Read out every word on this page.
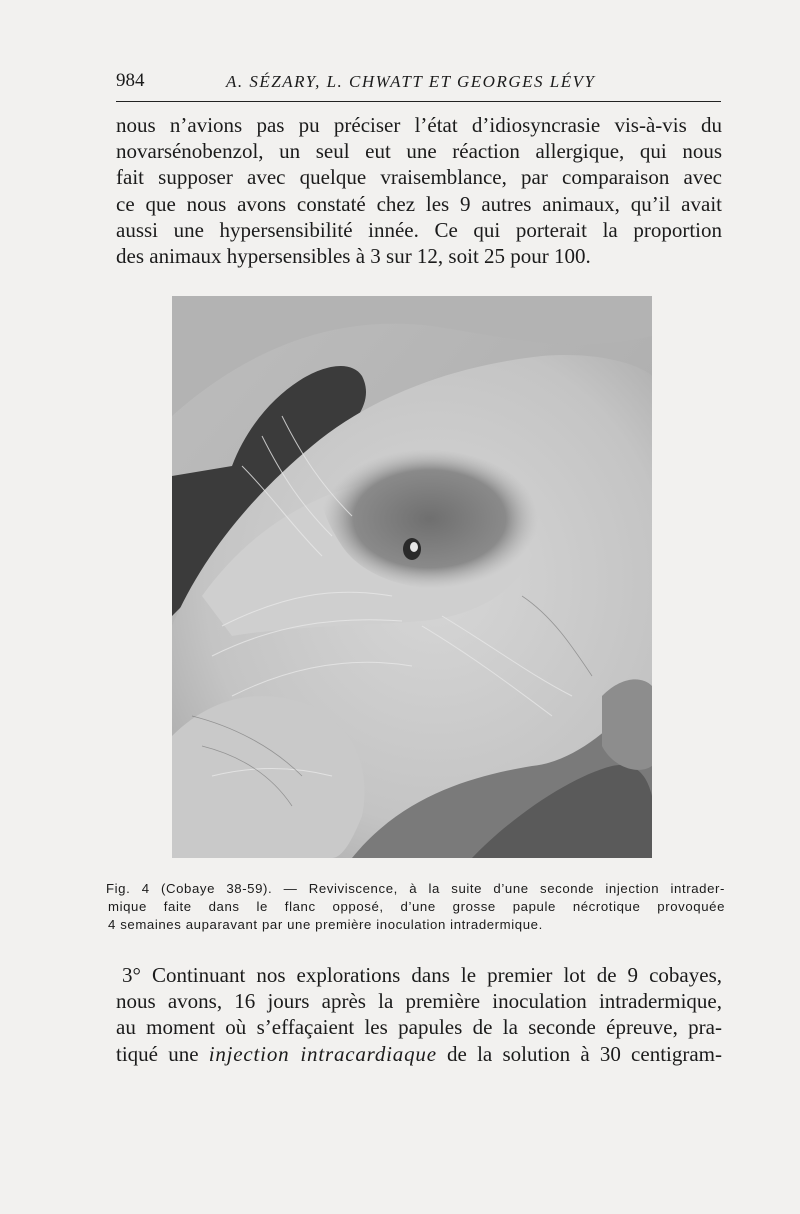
984	A. SÉZARY, L. CHWATT ET GEORGES LÉVY
nous n’avions pas pu préciser l’état d’idiosyncrasie vis-à-vis du
novarsénobenzol, un seul eut une réaction allergique, qui nous
fait supposer avec quelque vraisemblance, par comparaison avec
ce que nous avons constaté chez les 9 autres animaux, qu’il avait
aussi une hypersensibilité innée. Ce qui porterait la proportion
des animaux hypersensibles à 3 sur 12, soit 25 pour 100.
Fig. 4 (Cobaye 38-59). — Reviviscence, à la suite d’une seconde injection intrader-
mique faite dans le flanc opposé, d’une grosse papule nécrotique provoquée
4 semaines auparavant par une première inoculation intradermique.
3° Continuant nos explorations dans le premier lot de 9 cobayes,
nous avons, 16 jours après la première inoculation intradermique,
au moment où s’effaçaient les papules de la seconde épreuve, pra-
tiqué une injection intracardiaque de la solution à 30 centigram-
